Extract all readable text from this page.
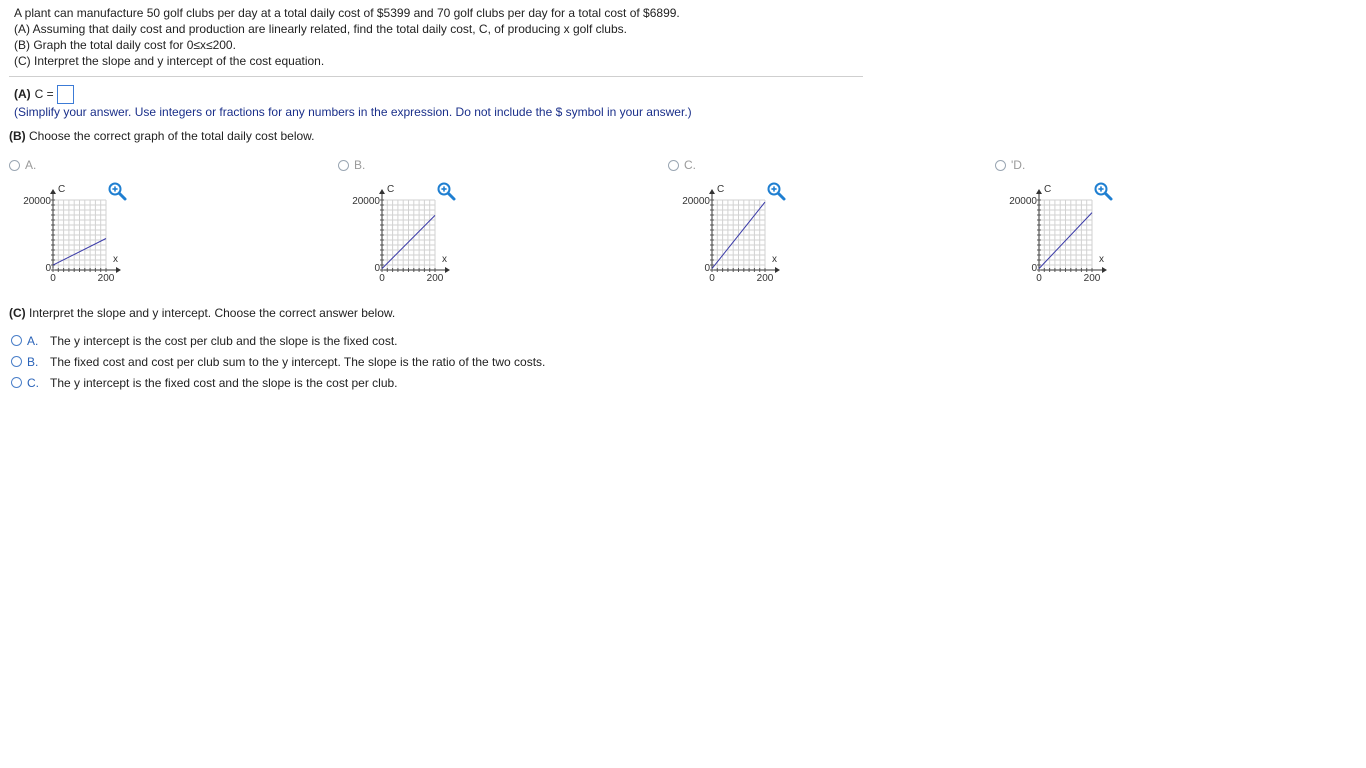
A plant can manufacture 50 golf clubs per day at a total daily cost of $5399 and 70 golf clubs per day for a total cost of $6899.
(A) Assuming that daily cost and production are linearly related, find the total daily cost, C, of producing x golf clubs.
(B) Graph the total daily cost for 0≤x≤200.
(C) Interpret the slope and y intercept of the cost equation.
(A) C =
(Simplify your answer. Use integers or fractions for any numbers in the expression. Do not include the $ symbol in your answer.)
(B) Choose the correct graph of the total daily cost below.
A.
C
x
20000
0
0	200
B.
C
x
20000
0
0	200
C.
C
x
20000
0
0	200
'D.
C
x
20000
0
0	200
(C) Interpret the slope and y intercept. Choose the correct answer below.
A. The y intercept is the cost per club and the slope is the fixed cost.
B. The fixed cost and cost per club sum to the y intercept. The slope is the ratio of the two costs.
C. The y intercept is the fixed cost and the slope is the cost per club.
